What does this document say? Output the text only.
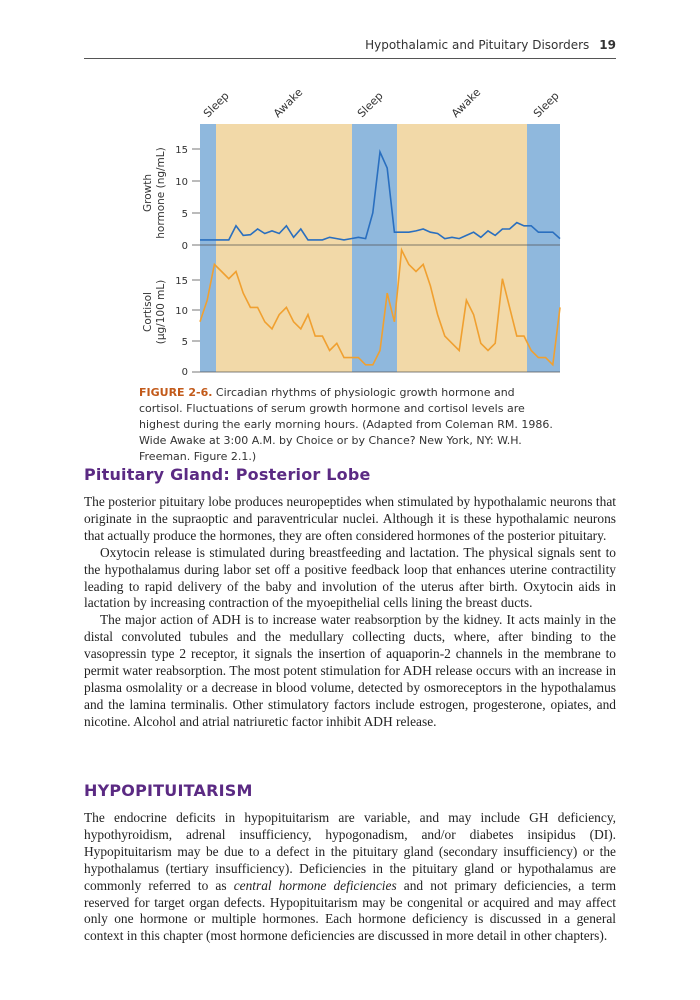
Hypothalamic and Pituitary Disorders 19
Sleep	Awake	Sleep	Awake	Sleep
Growth hormone (ng/mL)
Cortisol (µg/100 mL)
15
10
5
0
15
10
5
0
FIGURE 2-6. Circadian rhythms of physiologic growth hormone and cortisol. Fluctuations of serum growth hormone and cortisol levels are highest during the early morning hours. (Adapted from Coleman RM. 1986. Wide Awake at 3:00 A.M. by Choice or by Chance? New York, NY: W.H. Freeman. Figure 2.1.)
Pituitary Gland: Posterior Lobe

The posterior pituitary lobe produces neuropeptides when stimulated by hypothalamic neurons that originate in the supraoptic and paraventricular nuclei. Although it is these hypothalamic neurons that actually produce the hormones, they are often considered hormones of the posterior pituitary.

Oxytocin release is stimulated during breastfeeding and lactation. The physical signals sent to the hypothalamus during labor set off a positive feedback loop that enhances uterine contractility leading to rapid delivery of the baby and involution of the uterus after birth. Oxytocin aids in lactation by increasing contraction of the myoepithelial cells lining the breast ducts.

The major action of ADH is to increase water reabsorption by the kidney. It acts mainly in the distal convoluted tubules and the medullary collecting ducts, where, after binding to the vasopressin type 2 receptor, it signals the insertion of aquaporin-2 channels in the membrane to permit water reabsorption. The most potent stimulation for ADH release occurs with an increase in plasma osmolality or a decrease in blood volume, detected by osmoreceptors in the hypothalamus and the lamina terminalis. Other stimulatory factors include estrogen, progesterone, opiates, and nicotine. Alcohol and atrial natriuretic factor inhibit ADH release.

HYPOPITUITARISM

The endocrine deficits in hypopituitarism are variable, and may include GH deficiency, hypothyroidism, adrenal insufficiency, hypogonadism, and/or diabetes insipidus (DI). Hypopituitarism may be due to a defect in the pituitary gland (secondary insufficiency) or the hypothalamus (tertiary insufficiency). Deficiencies in the pituitary gland or hypothalamus are commonly referred to as central hormone deficiencies and not primary deficiencies, a term reserved for target organ defects. Hypopituitarism may be congenital or acquired and may affect only one hormone or multiple hormones. Each hormone deficiency is discussed in a general context in this chapter (most hormone deficiencies are discussed in more detail in other chapters).
